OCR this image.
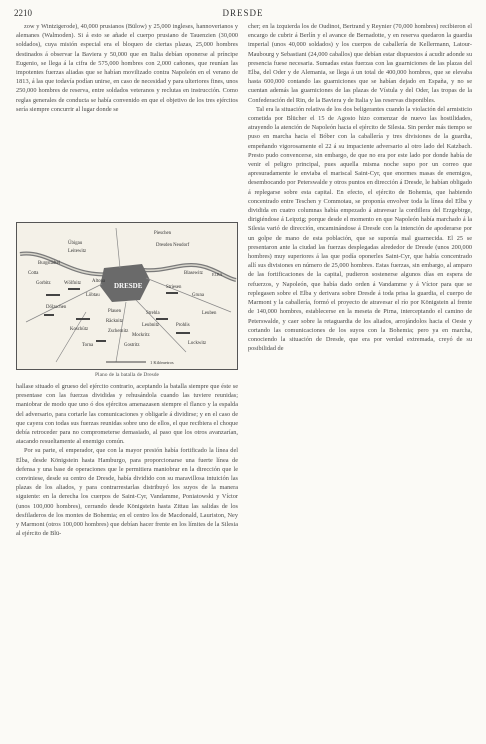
2210	DRESDE

zow y Wintzigerode), 40,000 prusianos (Bülow) y 25,000 ingleses, hannoverianos y alemanes (Walmoden). Si á esto se añade el cuerpo prusiano de Tauenzien (30,000 soldados), cuya misión especial era el bloqueo de ciertas plazas, 25,000 hombres destinados á observar la Baviera y 50,000 que en Italia debían oponerse al príncipe Eugenio, se llega á la cifra de 575,000 hombres con 2,000 cañones, que reunían las impotentes fuerzas aliadas que se habían movilizado contra Napoleón en el verano de 1813, á las que todavía podían unirse, en caso de necesidad y para ulteriores fines, unos 250,000 hombres de reserva, entre soldados veteranos y reclutas en instrucción. Como reglas generales de conducta se había convenido en que el objetivo de los tres ejércitos sería siempre concurrir al lugar donde se

Pieschen
Dresden Neudorf
Übigau
Leitewitz
Burgstädtel
Cotta
Gorbitz	Wölfnitz Altona
Löbtau
Plauen
DRESDE
Blasewitz
Striesen
Gruna
Strehla
Leubnitz
Räcknitz
Zschernitz
Dölzschen
Koschütz
Gostritz
Leuben
Torna
Prohlis
Lockwitz
Mockritz
ELBA
1 Kilómetros
Plano de la batalla de Dresde

hallase situado el grueso del ejército contrario, aceptando la batalla siempre que éste se presentase con las fuerzas divididas y rehusándola cuando las tuviere reunidas; maniobrar de modo que uno ó dos ejércitos amenazasen siempre el flanco y la espalda del adversario, para cortarle las comunicaciones y obligarle á dividirse; y en el caso de que cayera con todas sus fuerzas reunidas sobre uno de ellos, el que recibiera el choque debía retroceder para no comprometerse demasiado, al paso que los otros avanzarían, atacando resueltamente al enemigo común.

Por su parte, el emperador, que con la mayor presión había fortificado la línea del Elba, desde Königstein hasta Hamburgo, para proporcionarse una fuerte línea de defensa y una base de operaciones que le permitiera maniobrar en la dirección que le conviniese, desde su centro de Dresde, había dividido con su maravillosa intuición las plazas de los aliados, y para contrarrestarlas distribuyó los suyos de la manera siguiente: en la derecha los cuerpos de Saint-Cyr, Vandamme, Poniatowski y Víctor (unos 100,000 hombres), cerrando desde Königstein hasta Zittau las salidas de los desfiladeros de los montes de Bohemia; en el centro los de Macdonald, Lauriston, Ney y Marmont (otros 100,000 hombres) que debían hacer frente en los límites de la Silesia al ejército de Blü-

cher; en la izquierda los de Oudinot, Bertrand y Reynier (70,000 hombres) recibieron el encargo de cubrir á Berlín y el avance de Bernadotte, y en reserva quedaron la guardia imperial (unos 40,000 soldados) y los cuerpos de caballería de Kellermann, Latour-Maubourg y Sebastiani (24,000 caballos) que debían estar dispuestos á acudir adonde su presencia fuese necesaria. Sumadas estas fuerzas con las guarniciones de las plazas del Elba, del Oder y de Alemania, se llega á un total de 400,000 hombres, que se elevaba hasta 600,000 contando las guarniciones que se habían dejado en España, y no se cuentan además las guarniciones de las plazas de Vístula y del Oder, las tropas de la Confederación del Rin, de la Baviera y de Italia y las reservas disponibles.

Tal era la situación relativa de los dos beligerantes cuando la violación del armisticio cometida por Blücher el 15 de Agosto hizo comenzar de nuevo las hostilidades, atrayendo la atención de Napoleón hacia el ejército de Silesia. Sin perder más tiempo se puso en marcha hacia el Bóber con la caballería y tres divisiones de la guardia, empeñando vigorosamente el 22 á su impaciente adversario al otro lado del Katzbach. Presto pudo convencerse, sin embargo, de que no era por este lado por donde había de venir el peligro principal, pues aquella misma noche supo por un correo que apresuradamente le enviaba el mariscal Saint-Cyr, que enormes masas de enemigos, desembocando por Peterswalde y otros puntos en dirección á Dresde, le habían obligado á replegarse sobre esta capital. En efecto, el ejército de Bohemia, que habiendo concentrado entre Teschen y Commotau, se proponía envolver toda la línea del Elba y dividida en cuatro columnas había empezado á atravesar la cordillera del Erzgebirge, dirigiéndose á Leipzig; porque desde el momento en que Napoleón había marchado á la Silesia varió de dirección, encaminándose á Dresde con la intención de apoderarse por un golpe de mano de esta población, que se suponía mal guarnecida. El 25 se presentaron ante la ciudad las fuerzas desplegadas alrededor de Dresde (unos 200,000 hombres) muy superiores á las que podía oponerles Saint-Cyr, que había concentrado allí sus divisiones en número de 25,000 hombres. Estas fuerzas, sin embargo, al amparo de las fortificaciones de la capital, pudieron sostenerse algunos días en espera de refuerzos, y Napoleón, que había dado orden á Vandamme y á Víctor para que se replegasen sobre el Elba y derivara sobre Dresde á toda prisa la guardia, el cuerpo de Marmont y la caballería, formó el proyecto de atravesar el río por Königstein al frente de 140,000 hombres, establecerse en la meseta de Pirna, interceptando el camino de Peterswalde, y caer sobre la retaguardia de los aliados, arrojándolos hacia el Oeste y cortando las comunicaciones de los suyos con la Bohemia; pero ya en marcha, conociendo la situación de Dresde, que era por verdad extremada, creyó de su posibilidad de
